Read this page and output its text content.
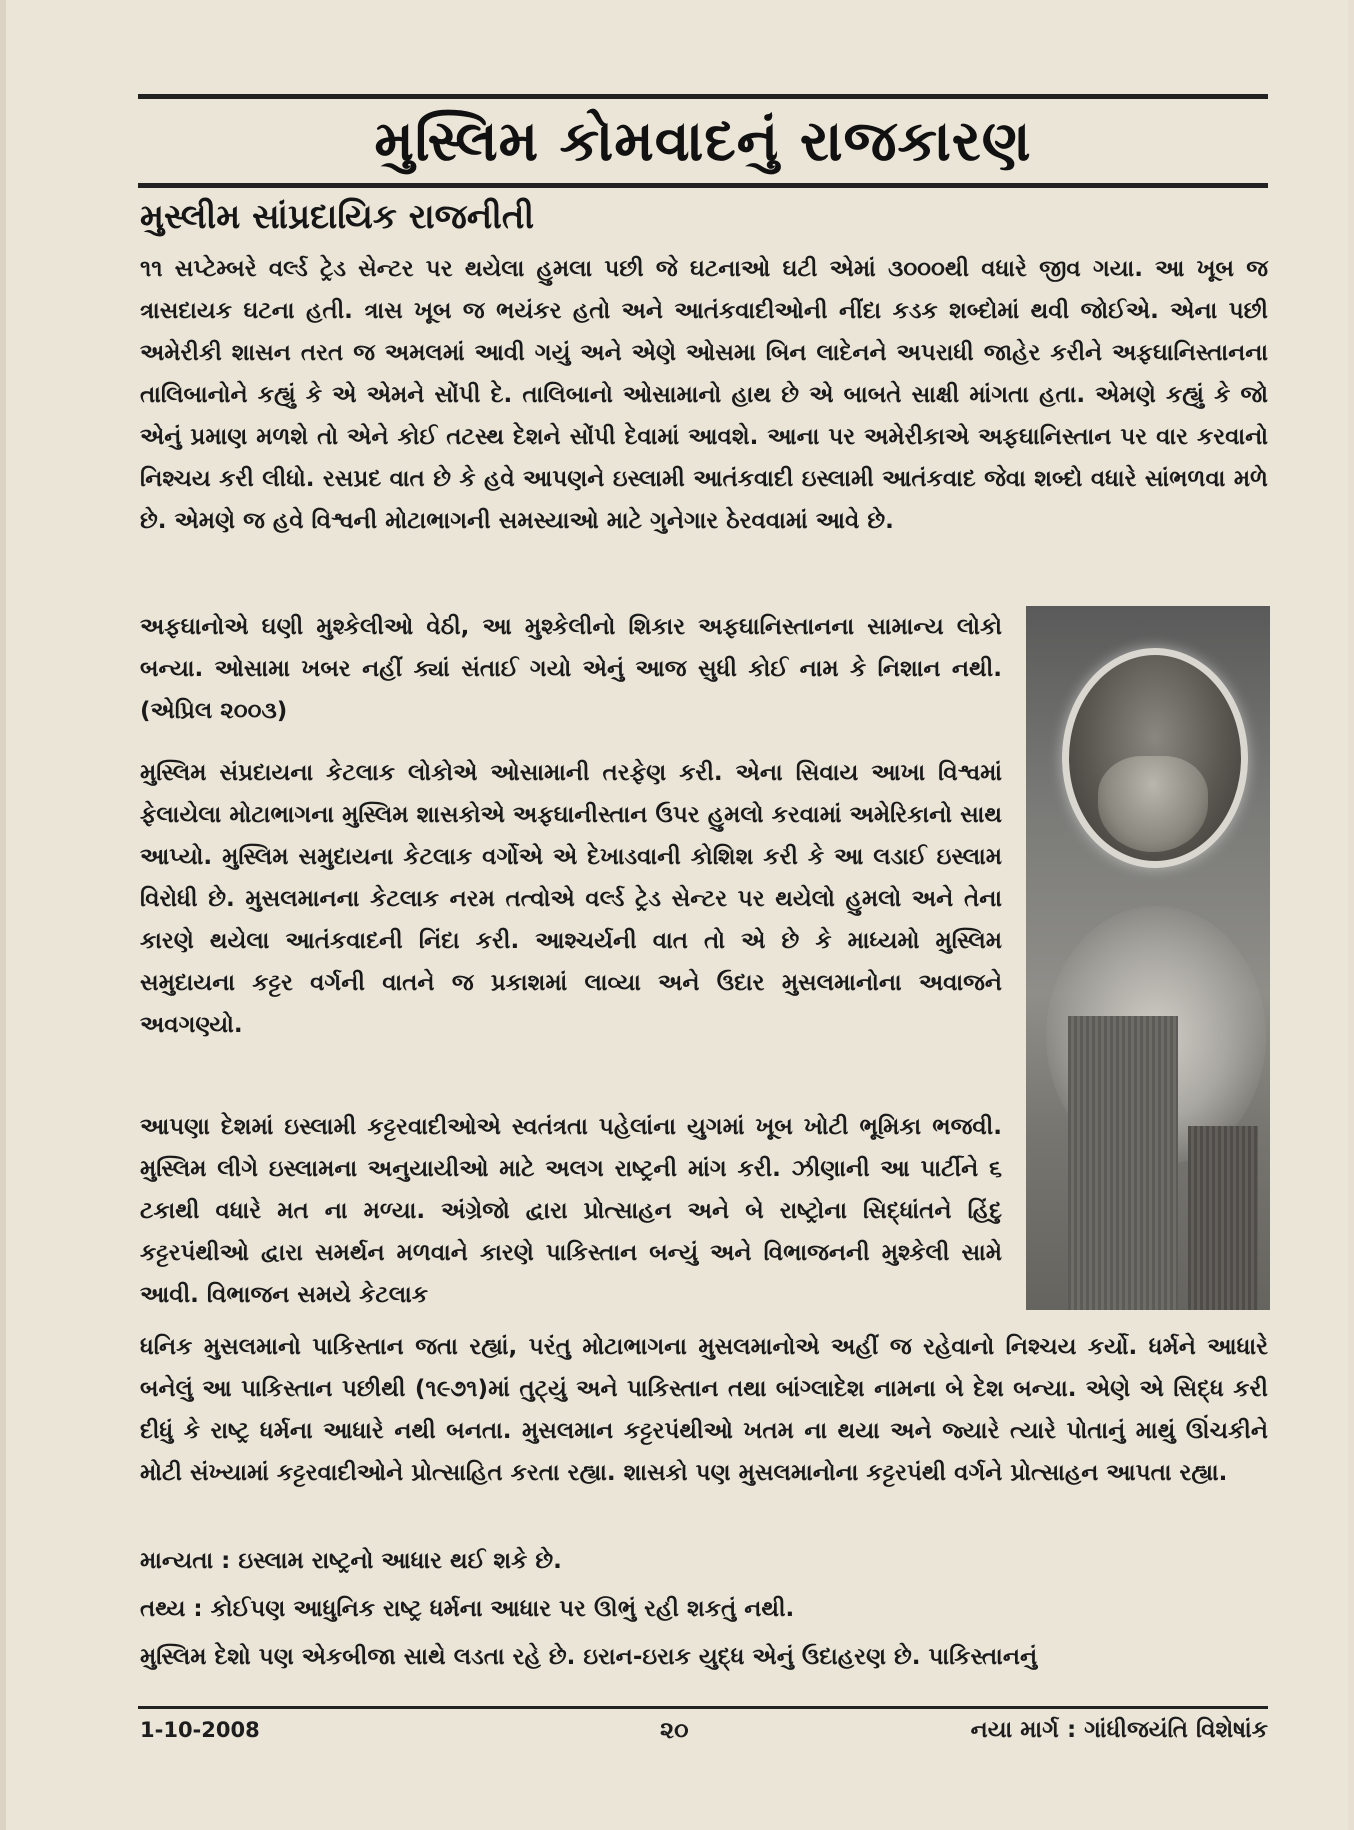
મુસ્લિમ કોમવાદનું રાજકારણ
મુસ્લીમ સાંપ્રદાયિક રાજનીતી

૧૧ સપ્ટેમ્બરે વર્લ્ડ ટ્રેડ સેન્ટર પર થયેલા હુમલા પછી જે ઘટનાઓ ઘટી એમાં ૩૦૦૦થી વધારે જીવ ગયા. આ ખૂબ જ ત્રાસદાયક ઘટના હતી. ત્રાસ ખૂબ જ ભયંકર હતો અને આતંકવાદીઓની નીંદા કડક શબ્દોમાં થવી જોઈએ. એના પછી અમેરીકી શાસન તરત જ અમલમાં આવી ગયું અને એણે ઓસમા બિન લાદેનને અપરાધી જાહેર કરીને અફઘાનિસ્તાનના તાલિબાનોને કહ્યું કે એ એમને સોંપી દે. તાલિબાનો ઓસામાનો હાથ છે એ બાબતે સાક્ષી માંગતા હતા. એમણે કહ્યું કે જો એનું પ્રમાણ મળશે તો એને કોઈ તટસ્થ દેશને સોંપી દેવામાં આવશે. આના પર અમેરીકાએ અફઘાનિસ્તાન પર વાર કરવાનો નિશ્ચય કરી લીધો. રસપ્રદ વાત છે કે હવે આપણને ઇસ્લામી આતંકવાદી ઇસ્લામી આતંકવાદ જેવા શબ્દો વધારે સાંભળવા મળે છે. એમણે જ હવે વિશ્વની મોટાભાગની સમસ્યાઓ માટે ગુનેગાર ઠેરવવામાં આવે છે.

અફઘાનોએ ઘણી મુશ્કેલીઓ વેઠી, આ મુશ્કેલીનો શિકાર અફઘાનિસ્તાનના સામાન્ય લોકો બન્યા. ઓસામા ખબર નહીં ક્યાં સંતાઈ ગયો એનું આજ સુધી કોઈ નામ કે નિશાન નથી. (એપ્રિલ ૨૦૦૩)

મુસ્લિમ સંપ્રદાયના કેટલાક લોકોએ ઓસામાની તરફેણ કરી. એના સિવાય આખા વિશ્વમાં ફેલાયેલા મોટાભાગના મુસ્લિમ શાસકોએ અફઘાનીસ્તાન ઉપર હુમલો કરવામાં અમેરિકાનો સાથ આપ્યો. મુસ્લિમ સમુદાયના કેટલાક વર્ગોએ એ દેખાડવાની કોશિશ કરી કે આ લડાઈ ઇસ્લામ વિરોધી છે. મુસલમાનના કેટલાક નરમ તત્વોએ વર્લ્ડ ટ્રેડ સેન્ટર પર થયેલો હુમલો અને તેના કારણે થયેલા આતંકવાદની નિંદા કરી. આશ્ચર્યની વાત તો એ છે કે માધ્યમો મુસ્લિમ સમુદાયના કટ્ટર વર્ગની વાતને જ પ્રકાશમાં લાવ્યા અને ઉદાર મુસલમાનોના અવાજને અવગણ્યો.

આપણા દેશમાં ઇસ્લામી કટ્ટરવાદીઓએ સ્વતંત્રતા પહેલાંના યુગમાં ખૂબ ખોટી ભૂમિકા ભજવી. મુસ્લિમ લીગે ઇસ્લામના અનુયાયીઓ માટે અલગ રાષ્ટ્રની માંગ કરી. ઝીણાની આ પાર્ટીને ૬ ટકાથી વધારે મત ના મળ્યા. અંગ્રેજો દ્વારા પ્રોત્સાહન અને બે રાષ્ટ્રોના સિદ્ધાંતને હિંદુ કટ્ટરપંથીઓ દ્વારા સમર્થન મળવાને કારણે પાકિસ્તાન બન્યું અને વિભાજનની મુશ્કેલી સામે આવી. વિભાજન સમયે કેટલાક

ધનિક મુસલમાનો પાકિસ્તાન જતા રહ્યાં, પરંતુ મોટાભાગના મુસલમાનોએ અહીં જ રહેવાનો નિશ્ચય કર્યો. ધર્મને આધારે બનેલું આ પાકિસ્તાન પછીથી (૧૯૭૧)માં તુટ્યું અને પાકિસ્તાન તથા બાંગ્લાદેશ નામના બે દેશ બન્યા. એણે એ સિદ્ધ કરી દીધું કે રાષ્ટ્ર ધર્મના આધારે નથી બનતા. મુસલમાન કટ્ટરપંથીઓ ખતમ ના થયા અને જ્યારે ત્યારે પોતાનું માથું ઊંચકીને મોટી સંખ્યામાં કટ્ટરવાદીઓને પ્રોત્સાહિત કરતા રહ્યા. શાસકો પણ મુસલમાનોના કટ્ટરપંથી વર્ગને પ્રોત્સાહન આપતા રહ્યા.

માન્યતા : ઇસ્લામ રાષ્ટ્રનો આધાર થઈ શકે છે.

તથ્ય : કોઈપણ આધુનિક રાષ્ટ્ર ધર્મના આધાર પર ઊભું રહી શકતું નથી.

મુસ્લિમ દેશો પણ એકબીજા સાથે લડતા રહે છે. ઇરાન-ઇરાક યુદ્ધ એનું ઉદાહરણ છે. પાકિસ્તાનનું

1-10-2008	૨૦	નયા માર્ગ : ગાંધીજયંતિ વિશેષાંક
